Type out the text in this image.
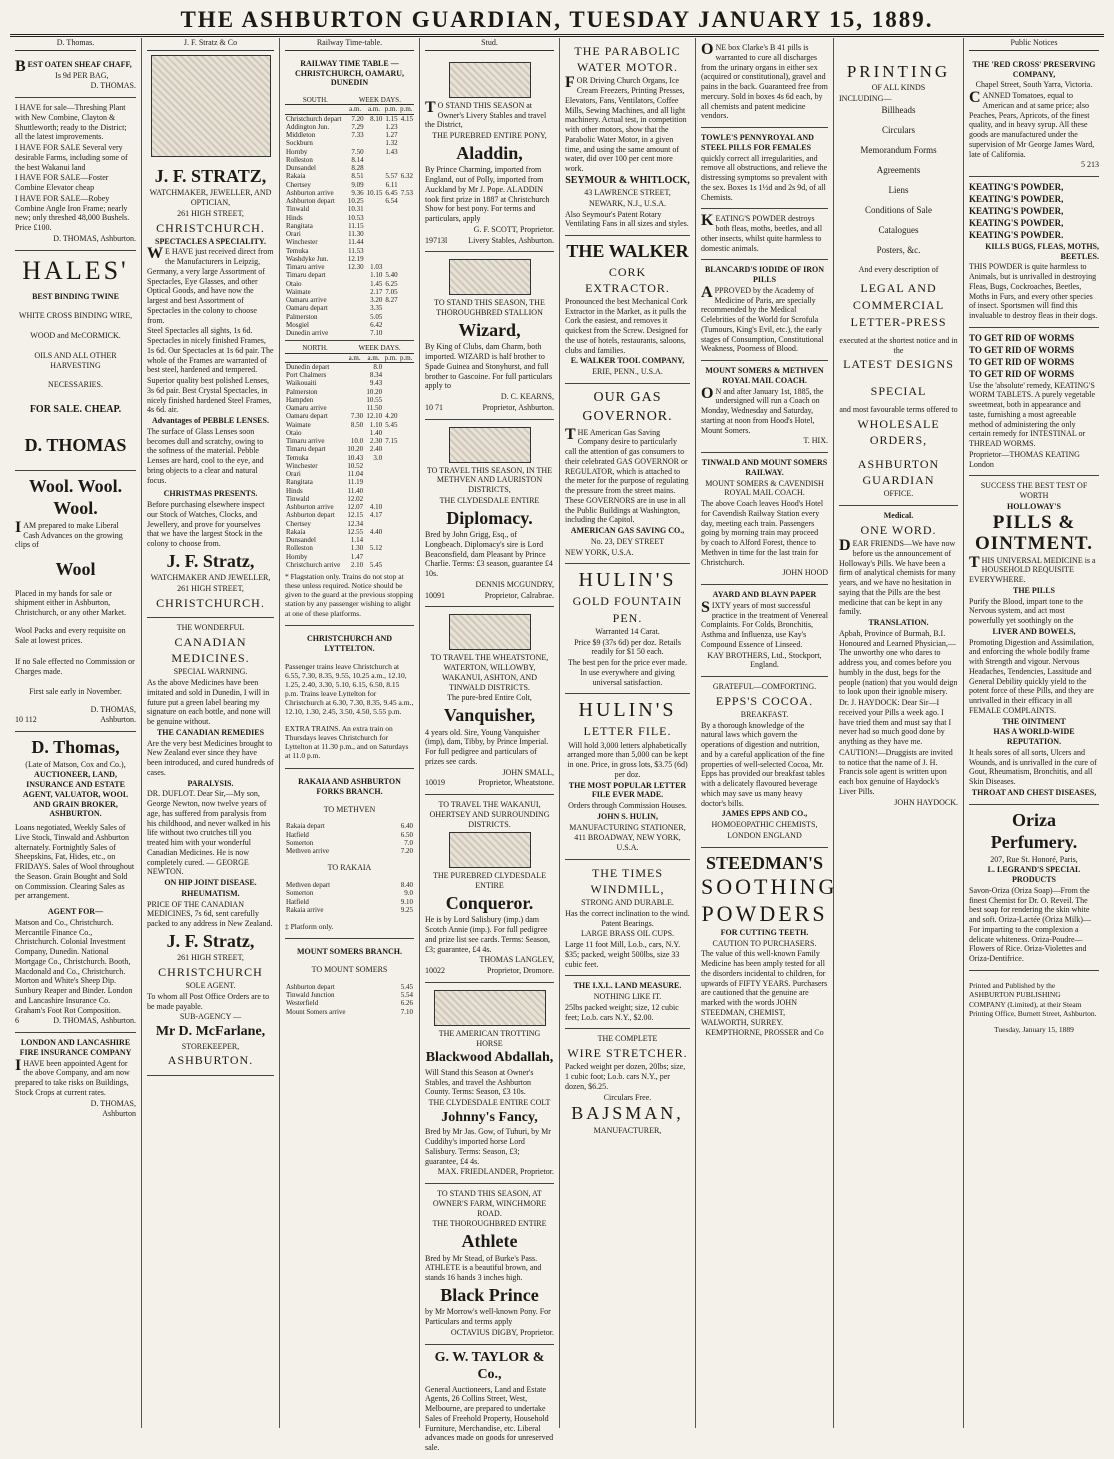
THE ASHBURTON GUARDIAN, TUESDAY JANUARY 15, 1889.
D. Thomas.

BEST OATEN SHEAF CHAFF,

Is 9d PER BAG,

D. THOMAS.

I HAVE for sale—Threshing Plant with New Combine, Clayton & Shuttleworth; ready to the District; all the latest improvements.

I HAVE FOR SALE Several very desirable Farms, including some of the best Wakanui land

I HAVE FOR SALE—Foster Combine Elevator cheap

I HAVE FOR SALE—Robey Combine Angle Iron Frame; nearly new; only threshed 48,000 Bushels. Price £100.

D. THOMAS, Ashburton.

HALES'

BEST BINDING TWINE

WHITE CROSS BINDING WIRE,

WOOD and McCORMICK.

OILS AND ALL OTHER HARVESTING

NECESSARIES.

FOR SALE. CHEAP.

D. THOMAS
Wool. Wool. Wool.

IAM prepared to make Liberal Cash Advances on the growing clips of

Wool

Placed in my hands for sale or shipment either in Ashburton, Christchurch, or any other Market.

Wool Packs and every requisite on Sale at lowest prices.

If no Sale effected no Commission or Charges made.

First sale early in November.

D. THOMAS,

10 112	Ashburton.

D. Thomas,

(Late of Matson, Cox and Co.),

AUCTIONEER, LAND, INSURANCE AND ESTATE AGENT, VALUATOR, WOOL AND GRAIN BROKER, ASHBURTON.

Loans negotiated, Weekly Sales of Live Stock, Tinwald and Ashburton alternately. Fortnightly Sales of Sheepskins, Fat, Hides, etc., on FRIDAYS. Sales of Wool throughout the Season. Grain Bought and Sold on Commission. Clearing Sales as per arrangement.

AGENT FOR—

Matson and Co., Christchurch. Mercantile Finance Co., Christchurch. Colonial Investment Company, Dunedin. National Mortgage Co., Christchurch. Booth, Macdonald and Co., Christchurch. Morton and White's Sheep Dip. Sunbury Reaper and Binder. London and Lancashire Insurance Co. Graham's Foot Rot Composition.

6	D. THOMAS, Ashburton.

LONDON AND LANCASHIRE FIRE INSURANCE COMPANY

IHAVE been appointed Agent for the above Company, and am now prepared to take risks on Buildings, Stock Crops at current rates.

D. THOMAS,

Ashburton

J. F. Stratz & Co
J. F. STRATZ,

WATCHMAKER, JEWELLER, AND OPTICIAN,

261 HIGH STREET,

CHRISTCHURCH.

SPECTACLES A SPECIALITY.

WE HAVE just received direct from the Manufacturers in Leipzig, Germany, a very large Assortment of Spectacles, Eye Glasses, and other Optical Goods, and have now the largest and best Assortment of Spectacles in the colony to choose from.

Steel Spectacles all sights, 1s 6d. Spectacles in nicely finished Frames, 1s 6d. Our Spectacles at 1s 6d pair. The whole of the Frames are warranted of best steel, hardened and tempered.

Superior quality best polished Lenses, 3s 6d pair. Best Crystal Spectacles, in nicely finished hardened Steel Frames, 4s 6d. air.

Advantages of PEBBLE LENSES.

The surface of Glass Lenses soon becomes dull and scratchy, owing to the softness of the material. Pebble Lenses are hard, cool to the eye, and bring objects to a clear and natural focus.

CHRISTMAS PRESENTS.

Before purchasing elsewhere inspect our Stock of Watches, Clocks, and Jewellery, and prove for yourselves that we have the largest Stock in the colony to choose from.

J. F. Stratz,

WATCHMAKER AND JEWELLER,

261 HIGH STREET,

CHRISTCHURCH.

THE WONDERFUL

CANADIAN MEDICINES.

SPECIAL WARNING.

As the above Medicines have been imitated and sold in Dunedin, I will in future put a green label bearing my signature on each bottle, and none will be genuine without.

THE CANADIAN REMEDIES

Are the very best Medicines brought to New Zealand ever since they have been introduced, and cured hundreds of cases.

PARALYSIS.

DR. DUFLOT. Dear Sir,—My son, George Newton, now twelve years of age, has suffered from paralysis from his childhood, and never walked in his life without two crutches till you treated him with your wonderful Canadian Medicines. He is now completely cured. — GEORGE NEWTON.

ON HIP JOINT DISEASE.

RHEUMATISM.

PRICE OF THE CANADIAN MEDICINES, 7s 6d, sent carefully packed to any address in New Zealand.

J. F. Stratz,

261 HIGH STREET,

CHRISTCHURCH

SOLE AGENT.

To whom all Post Office Orders are to be made payable.

SUB-AGENCY —

Mr D. McFarlane,

STOREKEEPER,

ASHBURTON.

Railway Time-table.

RAILWAY TIME TABLE — CHRISTCHURCH, OAMARU, DUNEDIN

SOUTH.	WEEK DAYS.			
	a.m.	a.m.	p.m.	p.m.
Christchurch depart	7.20	8.10	1.15	4.15
Addington Jun.	7.29		1.23	
Middleton	7.33		1.27	
Sockburn			1.32	
Hornby	7.50		1.43	
Rolleston	8.14			
Dunsandel	8.28			
Rakaia	8.51		5.57	6.32
Chertsey	9.09		6.11	
Ashburton arrive	9.36	10.15	6.45	7.53
Ashburton depart	10.25		6.54	
Tinwald	10.31			
Hinds	10.53			
Rangitata	11.15			
Orari	11.30			
Winchester	11.44			
Temuka	11.53			
Washdyke Jun.	12.19			
Timaru arrive	12.30	1.03		
Timaru depart		1.10	5.40	
Otaio		1.45	6.25	
Waimate		2.17	7.05	
Oamaru arrive		3.20	8.27	
Oamaru depart		3.35		
Palmerston		5.05		
Mosgiel		6.42		
Dunedin arrive		7.10		
NORTH.	WEEK DAYS.			
	a.m.	a.m.	p.m.	p.m.
Dunedin depart		8.0		
Port Chalmers		8.34		
Waikouaiti		9.43		
Palmerston		10.20		
Hampden		10.55		
Oamaru arrive		11.50		
Oamaru depart	7.30	12.10	4.20	
Waimate	8.50	1.10	5.45	
Otaio		1.40		
Timaru arrive	10.0	2.30	7.15	
Timaru depart	10.20	2.40		
Temuka	10.43	3.0		
Winchester	10.52			
Orari	11.04			
Rangitata	11.19			
Hinds	11.40			
Tinwald	12.02			
Ashburton arrive	12.07	4.10		
Ashburton depart	12.15	4.17		
Chertsey	12.34			
Rakaia	12.55	4.40		
Dunsandel	1.14			
Rolleston	1.30	5.12		
Hornby	1.47			
Christchurch arrive	2.10	5.45		

* Flagstation only. Trains do not stop at these unless required. Notice should be given to the guard at the previous stopping station by any passenger wishing to alight at one of these platforms.

CHRISTCHURCH AND LYTTELTON.

Passenger trains leave Christchurch at 6.55, 7.30, 8.35, 9.55, 10.25 a.m., 12.10, 1.25, 2.40, 3.30, 5.10, 6.15, 6.50, 8.15 p.m. Trains leave Lyttelton for Christchurch at 6.30, 7.30, 8.35, 9.45 a.m., 12.10, 1.30, 2.45, 3.50, 4.50, 5.55 p.m.

EXTRA TRAINS. An extra train on Thursdays leaves Christchurch for Lyttelton at 11.30 p.m., and on Saturdays at 11.0 p.m.

RAKAIA AND ASHBURTON FORKS BRANCH.

TO METHVEN

Rakaia depart	6.40
Hatfield	6.50
Somerton	7.0
Methven arrive	7.20

TO RAKAIA

Methven depart	8.40
Somerton	9.0
Hatfield	9.10
Rakaia arrive	9.25

‡ Platform only.

MOUNT SOMERS BRANCH.

TO MOUNT SOMERS

Ashburton depart	5.45
Tinwald Junction	5.54
Westerfield	6.26
Mount Somers arrive	7.10
Stud.

TO STAND THIS SEASON at Owner's Livery Stables and travel the District,

THE PUREBRED ENTIRE PONY,

Aladdin,

By Prince Charming, imported from England, out of Polly, imported from Auckland by Mr J. Pope. ALADDIN took first prize in 1887 at Christchurch Show for best pony. For terms and particulars, apply

G. F. SCOTT, Proprietor.

19713l	Livery Stables, Ashburton.

TO STAND THIS SEASON, THE THOROUGHBRED STALLION

Wizard,

By King of Clubs, dam Charm, both imported. WIZARD is half brother to Spade Guinea and Stonyhurst, and full brother to Gascoine. For full particulars apply to

D. C. KEARNS,

10 71	Proprietor, Ashburton.

TO TRAVEL THIS SEASON, IN THE METHVEN AND LAURISTON DISTRICTS,

THE CLYDESDALE ENTIRE

Diplomacy.

Bred by John Grigg, Esq., of Longbeach. Diplomacy's sire is Lord Beaconsfield, dam Pleasant by Prince Charlie. Terms: £3 season, guarantee £4 10s.

DENNIS MCGUNDRY,

10091	Proprietor, Calrabrae.

TO TRAVEL THE WHEATSTONE, WATERTON, WILLOWBY, WAKANUI, ASHTON, AND TINWALD DISTRICTS.

The pure-bred Entire Colt,

Vanquisher,

4 years old. Sire, Young Vanquisher (imp), dam, Tibby, by Prince Imperial. For full pedigree and particulars of prizes see cards.

JOHN SMALL,

10019	Proprietor, Wheatstone.

TO TRAVEL THE WAKANUI, OHERTSEY AND SURROUNDING DISTRICTS.

THE PUREBRED CLYDESDALE ENTIRE

Conqueror.

He is by Lord Salisbury (imp.) dam Scotch Annie (imp.). For full pedigree and prize list see cards. Terms: Season, £3; guarantee, £4 4s.

THOMAS LANGLEY,

10022	Proprietor, Dromore.

THE AMERICAN TROTTING HORSE

Blackwood Abdallah,

Will Stand this Season at Owner's Stables, and travel the Ashburton County. Terms: Season, £3 10s.

THE CLYDESDALE ENTIRE COLT

Johnny's Fancy,

Bred by Mr Jas. Gow, of Tuhuri, by Mr Cuddihy's imported horse Lord Salisbury. Terms: Season, £3; guarantee, £4 4s.

MAX. FRIEDLANDER, Proprietor.

TO STAND THIS SEASON, AT OWNER'S FARM, WINCHMORE ROAD.

THE THOROUGHBRED ENTIRE

Athlete

Bred by Mr Stead, of Burke's Pass. ATHLETE is a beautiful brown, and stands 16 hands 3 inches high.

Black Prince

by Mr Morrow's well-known Pony. For Particulars and terms apply

OCTAVIUS DIGBY, Proprietor.

G. W. TAYLOR & Co.,

General Auctioneers, Land and Estate Agents, 26 Collins Street, West, Melbourne, are prepared to undertake Sales of Freehold Property, Household Furniture, Merchandise, etc. Liberal advances made on goods for unreserved sale.

THE PARABOLIC WATER MOTOR.

FOR Driving Church Organs, Ice Cream Freezers, Printing Presses, Elevators, Fans, Ventilators, Coffee Mills, Sewing Machines, and all light machinery. Actual test, in competition with other motors, show that the Parabolic Water Motor, in a given time, and using the same amount of water, did over 100 per cent more work.

SEYMOUR & WHITLOCK,

43 LAWRENCE STREET,

NEWARK, N.J., U.S.A.

Also Seymour's Patent Rotary Ventilating Fans in all sizes and styles.

THE WALKER

CORK EXTRACTOR.

Pronounced the best Mechanical Cork Extractor in the Market, as it pulls the Cork the easiest, and removes it quickest from the Screw. Designed for the use of hotels, restaurants, saloons, clubs and families.

E. WALKER TOOL COMPANY,

ERIE, PENN., U.S.A.

OUR GAS GOVERNOR.

THE American Gas Saving Company desire to particularly call the attention of gas consumers to their celebrated GAS GOVERNOR or REGULATOR, which is attached to the meter for the purpose of regulating the pressure from the street mains. These GOVERNORS are in use in all the Public Buildings at Washington, including the Capitol.

AMERICAN GAS SAVING CO.,

No. 23, DEY STREET

NEW YORK, U.S.A.

HULIN'S

GOLD FOUNTAIN PEN.

Warranted 14 Carat.

Price $9 (37s 6d) per doz. Retails readily for $1 50 each.

The best pen for the price ever made. In use everywhere and giving universal satisfaction.

HULIN'S

LETTER FILE.

Will hold 3,000 letters alphabetically arranged more than 5,000 can be kept in one. Price, in gross lots, $3.75 (6d) per doz.

THE MOST POPULAR LETTER FILE EVER MADE.

Orders through Commission Houses.

JOHN S. HULIN,

MANUFACTURING STATIONER,

411 BROADWAY, NEW YORK, U.S.A.

THE TIMES WINDMILL,

STRONG AND DURABLE.

Has the correct inclination to the wind. Patent Bearings.

LARGE BRASS OIL CUPS.

Large 11 foot Mill, Lo.b., cars, N.Y. $35; packed, weight 500lbs, size 33 cubic feet.

THE I.X.L. LAND MEASURE.

NOTHING LIKE IT.

25lbs packed weight; size, 12 cubic feet; Lo.b. cars N.Y., $2.00.

THE COMPLETE

WIRE STRETCHER.

Packed weight per dozen, 20lbs; size, 1 cubic foot; Lo.b. cars N.Y., per dozen, $6.25.

Circulars Free.

BAJSMAN,

MANUFACTURER,

ONE box Clarke's B 41 pills is warranted to cure all discharges from the urinary organs in either sex (acquired or constitutional), gravel and pains in the back. Guaranteed free from mercury. Sold in boxes 4s 6d each, by all chemists and patent medicine vendors.

TOWLE'S PENNYROYAL AND STEEL PILLS FOR FEMALES

quickly correct all irregularities, and remove all obstructions, and relieve the distressing symptoms so prevalent with the sex. Boxes 1s 1½d and 2s 9d, of all Chemists.

KEATING'S POWDER destroys both fleas, moths, beetles, and all other insects, whilst quite harmless to domestic animals.

BLANCARD'S IODIDE OF IRON PILLS

APPROVED by the Academy of Medicine of Paris, are specially recommended by the Medical Celebrities of the World for Scrofula (Tumours, King's Evil, etc.), the early stages of Consumption, Constitutional Weakness, Poorness of Blood.

MOUNT SOMERS & METHVEN ROYAL MAIL COACH.

ON and after January 1st, 1885, the undersigned will run a Coach on Monday, Wednesday and Saturday, starting at noon from Hood's Hotel, Mount Somers.

T. HIX.

TINWALD AND MOUNT SOMERS RAILWAY.

MOUNT SOMERS & CAVENDISH ROYAL MAIL COACH.

The above Coach leaves Hood's Hotel for Cavendish Railway Station every day, meeting each train. Passengers going by morning train may proceed by coach to Alford Forest, thence to Methven in time for the last train for Christchurch.

JOHN HOOD

AYARD AND BLAYN PAPER

SIXTY years of most successful practice in the treatment of Venereal Complaints. For Colds, Bronchitis, Asthma and Influenza, use Kay's Compound Essence of Linseed.

KAY BROTHERS, Ltd., Stockport, England.

GRATEFUL—COMFORTING.

EPPS'S COCOA.

BREAKFAST.

By a thorough knowledge of the natural laws which govern the operations of digestion and nutrition, and by a careful application of the fine properties of well-selected Cocoa, Mr. Epps has provided our breakfast tables with a delicately flavoured beverage which may save us many heavy doctor's bills.

JAMES EPPS AND CO.,

HOMOEOPATHIC CHEMISTS,

LONDON ENGLAND

STEEDMAN'S
SOOTHING
POWDERS

FOR CUTTING TEETH.

CAUTION TO PURCHASERS.

The value of this well-known Family Medicine has been amply tested for all the disorders incidental to children, for upwards of FIFTY YEARS. Purchasers are cautioned that the genuine are marked with the words JOHN STEEDMAN, CHEMIST, WALWORTH, SURREY.

KEMPTHORNE, PROSSER and Co

PRINTING

OF ALL KINDS

INCLUDING—

Billheads

Circulars

Memorandum Forms

Agreements

Liens

Conditions of Sale

Catalogues

Posters, &c.

And every description of

LEGAL AND COMMERCIAL

LETTER-PRESS

executed at the shortest notice and in the

LATEST DESIGNS

SPECIAL

and most favourable terms offered to

WHOLESALE ORDERS,

ASHBURTON GUARDIAN

OFFICE.

Medical.

ONE WORD.

DEAR FRIENDS—We have now before us the announcement of Holloway's Pills. We have been a firm of analytical chemists for many years, and we have no hesitation in saying that the Pills are the best medicine that can be kept in any family.

TRANSLATION.

Apbah, Province of Burmah, B.I. Honoured and Learned Physician,—The unworthy one who dares to address you, and comes before you humbly in the dust, begs for the people (nation) that you would deign to look upon their ignoble misery.

Dr. J. HAYDOCK: Dear Sir—I received your Pills a week ago. I have tried them and must say that I never had so much good done by anything as they have me.

CAUTION!—Druggists are invited to notice that the name of J. H. Francis sole agent is written upon each box genuine of Haydock's Liver Pills.

JOHN HAYDOCK.

Public Notices

THE 'RED CROSS' PRESERVING COMPANY,

Chapel Street, South Yarra, Victoria.

CANNED Tomatoes, equal to American and at same price; also Peaches, Pears, Apricots, of the finest quality, and in heavy syrup. All these goods are manufactured under the supervision of Mr George James Ward, late of California.

5 213

KEATING'S POWDER,

KEATING'S POWDER,

KEATING'S POWDER,

KEATING'S POWDER,

KEATING'S POWDER.

KILLS BUGS, FLEAS, MOTHS, BEETLES.

THIS POWDER is quite harmless to Animals, but is unrivalled in destroying Fleas, Bugs, Cockroaches, Beetles, Moths in Furs, and every other species of insect. Sportsmen will find this invaluable to destroy fleas in their dogs.

TO GET RID OF WORMS

TO GET RID OF WORMS

TO GET RID OF WORMS

TO GET RID OF WORMS

Use the 'absolute' remedy, KEATING'S WORM TABLETS. A purely vegetable sweetmeat, both in appearance and taste, furnishing a most agreeable method of administering the only certain remedy for INTESTINAL or THREAD WORMS.

Proprietor—THOMAS KEATING London

SUCCESS THE BEST TEST OF WORTH

HOLLOWAY'S

PILLS & OINTMENT.

THIS UNIVERSAL MEDICINE is a HOUSEHOLD REQUISITE EVERYWHERE.

THE PILLS

Purify the Blood, impart tone to the Nervous system, and act most powerfully yet soothingly on the

LIVER AND BOWELS,

Promoting Digestion and Assimilation, and enforcing the whole bodily frame with Strength and vigour. Nervous Headaches, Tendencies, Lassitude and General Debility quickly yield to the potent force of these Pills, and they are unrivalled in their efficacy in all FEMALE COMPLAINTS.

THE OINTMENT

HAS A WORLD-WIDE REPUTATION.

It heals sores of all sorts, Ulcers and Wounds, and is unrivalled in the cure of Gout, Rheumatism, Bronchitis, and all Skin Diseases.

THROAT AND CHEST DISEASES,

Oriza Perfumery.

207, Rue St. Honoré, Paris,

L. LEGRAND'S SPECIAL PRODUCTS

Savon-Oriza (Oriza Soap)—From the finest Chemist for Dr. O. Reveil. The best soap for rendering the skin white and soft. Oriza-Lactée (Oriza Milk)—For imparting to the complexion a delicate whiteness. Oriza-Poudre—Flowers of Rice. Oriza-Violettes and Oriza-Dentifrice.

Printed and Published by the ASHBURTON PUBLISHING COMPANY (Limited), at their Steam Printing Office, Burnett Street, Ashburton.

Tuesday, January 15, 1889
